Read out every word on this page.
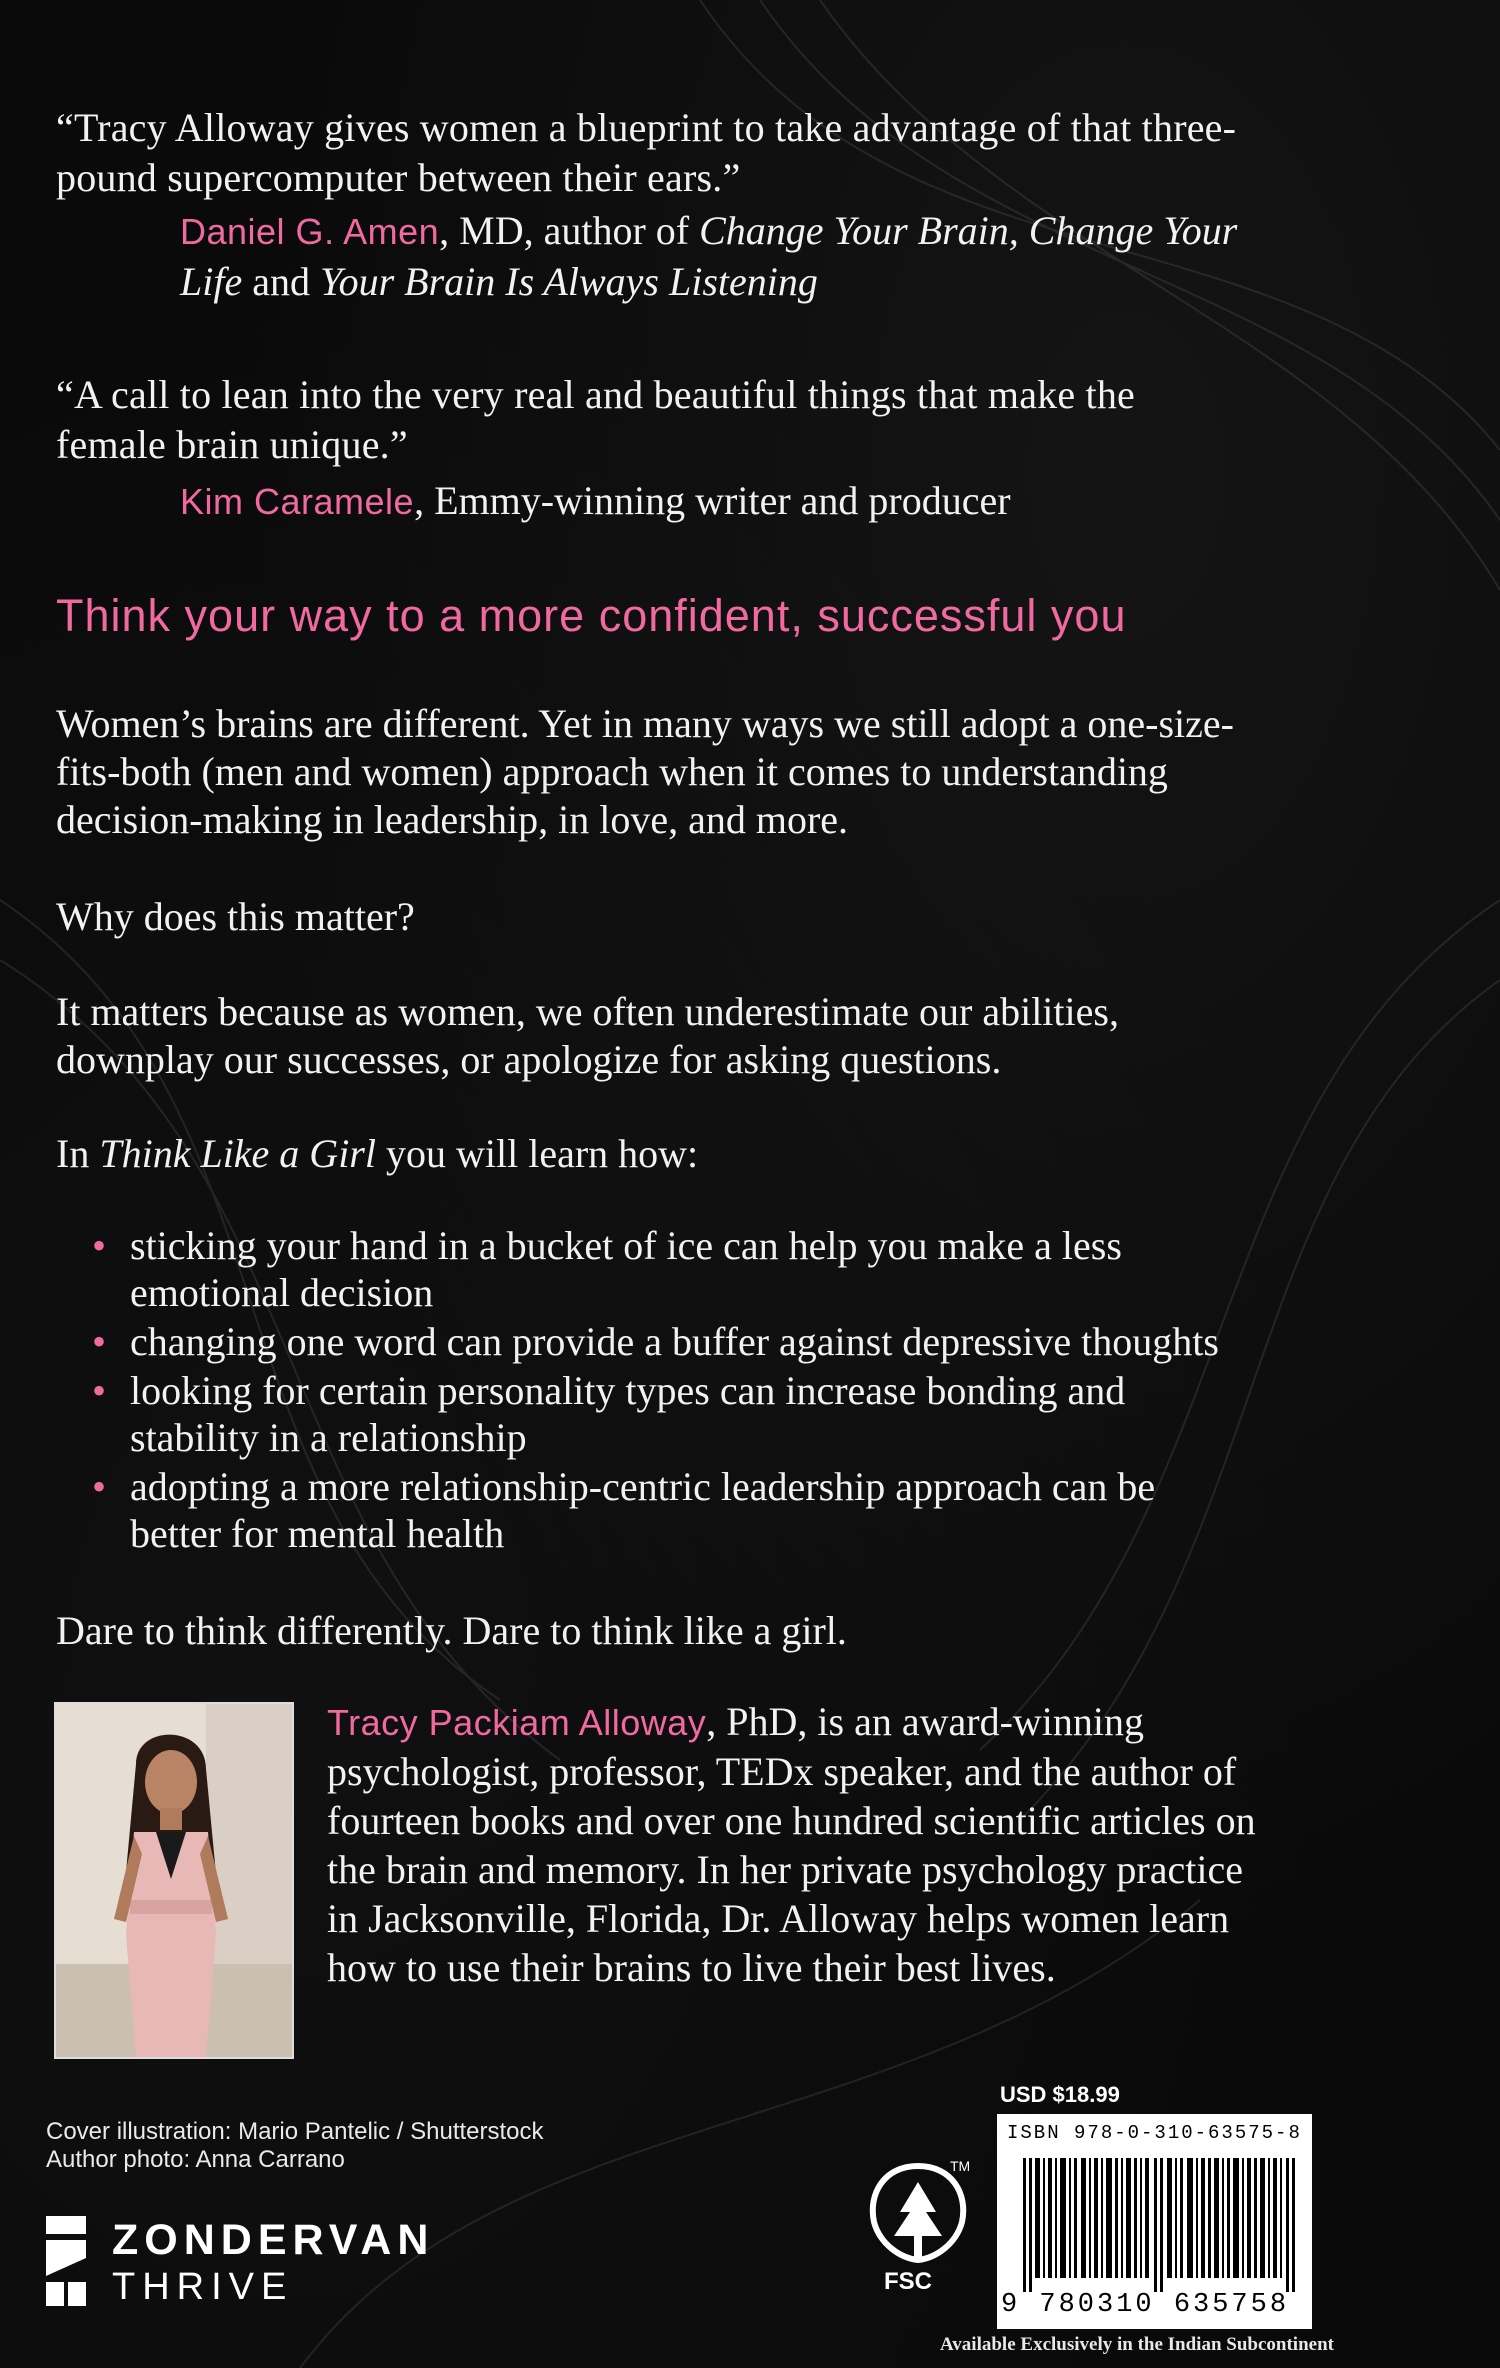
“Tracy Alloway gives women a blueprint to take advantage of that three-
pound supercomputer between their ears.”
Daniel G. Amen, MD, author of Change Your Brain, Change Your
Life and Your Brain Is Always Listening
“A call to lean into the very real and beautiful things that make the
female brain unique.”
Kim Caramele, Emmy-winning writer and producer
Think your way to a more confident, successful you
Women’s brains are different. Yet in many ways we still adopt a one-size-
fits-both (men and women) approach when it comes to understanding
decision-making in leadership, in love, and more.
Why does this matter?
It matters because as women, we often underestimate our abilities,
downplay our successes, or apologize for asking questions.
In Think Like a Girl you will learn how:
• sticking your hand in a bucket of ice can help you make a less
emotional decision
• changing one word can provide a buffer against depressive thoughts
• looking for certain personality types can increase bonding and
stability in a relationship
• adopting a more relationship-centric leadership approach can be
better for mental health
Dare to think differently. Dare to think like a girl.
Tracy Packiam Alloway, PhD, is an award-winning
psychologist, professor, TEDx speaker, and the author of
fourteen books and over one hundred scientific articles on
the brain and memory. In her private psychology practice
in Jacksonville, Florida, Dr. Alloway helps women learn
how to use their brains to live their best lives.
Cover illustration: Mario Pantelic / Shutterstock
Author photo: Anna Carrano
ZONDERVAN
THRIVE
TM
FSC
USD $18.99
ISBN 978-0-310-63575-8
9 780310 635758
Available Exclusively in the Indian Subcontinent
